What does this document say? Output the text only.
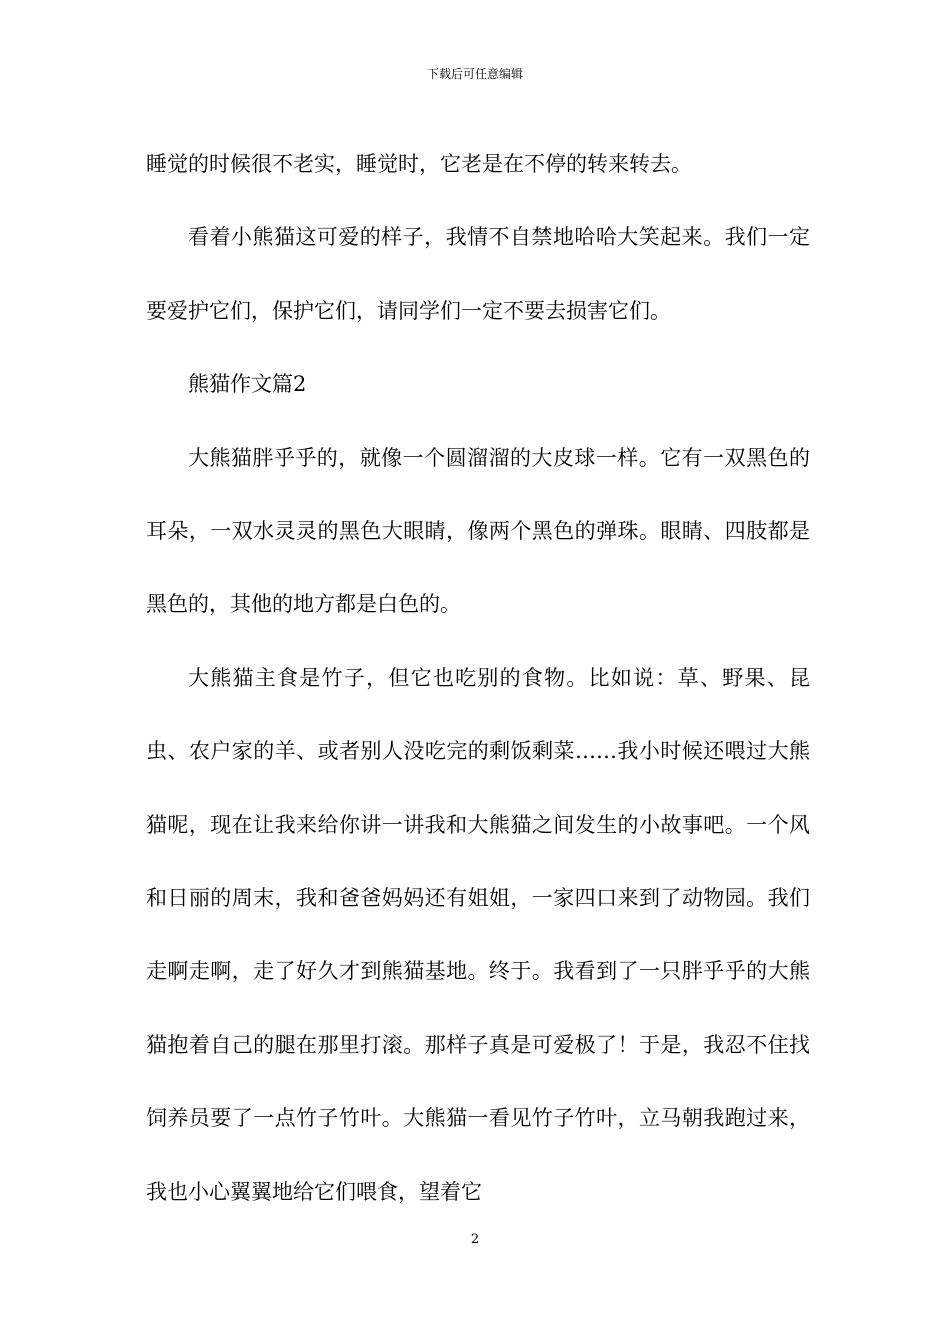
下载后可任意编辑

睡觉的时候很不老实，睡觉时，它老是在不停的转来转去。

看着小熊猫这可爱的样子，我情不自禁地哈哈大笑起来。我们一定要爱护它们，保护它们，请同学们一定不要去损害它们。

熊猫作文篇2

大熊猫胖乎乎的，就像一个圆溜溜的大皮球一样。它有一双黑色的耳朵，一双水灵灵的黑色大眼睛，像两个黑色的弹珠。眼睛、四肢都是黑色的，其他的地方都是白色的。

大熊猫主食是竹子，但它也吃别的食物。比如说：草、野果、昆虫、农户家的羊、或者别人没吃完的剩饭剩菜……我小时候还喂过大熊猫呢，现在让我来给你讲一讲我和大熊猫之间发生的小故事吧。一个风和日丽的周末，我和爸爸妈妈还有姐姐，一家四口来到了动物园。我们走啊走啊，走了好久才到熊猫基地。终于。我看到了一只胖乎乎的大熊猫抱着自己的腿在那里打滚。那样子真是可爱极了！于是，我忍不住找饲养员要了一点竹子竹叶。大熊猫一看见竹子竹叶，立马朝我跑过来，我也小心翼翼地给它们喂食，望着它

2
